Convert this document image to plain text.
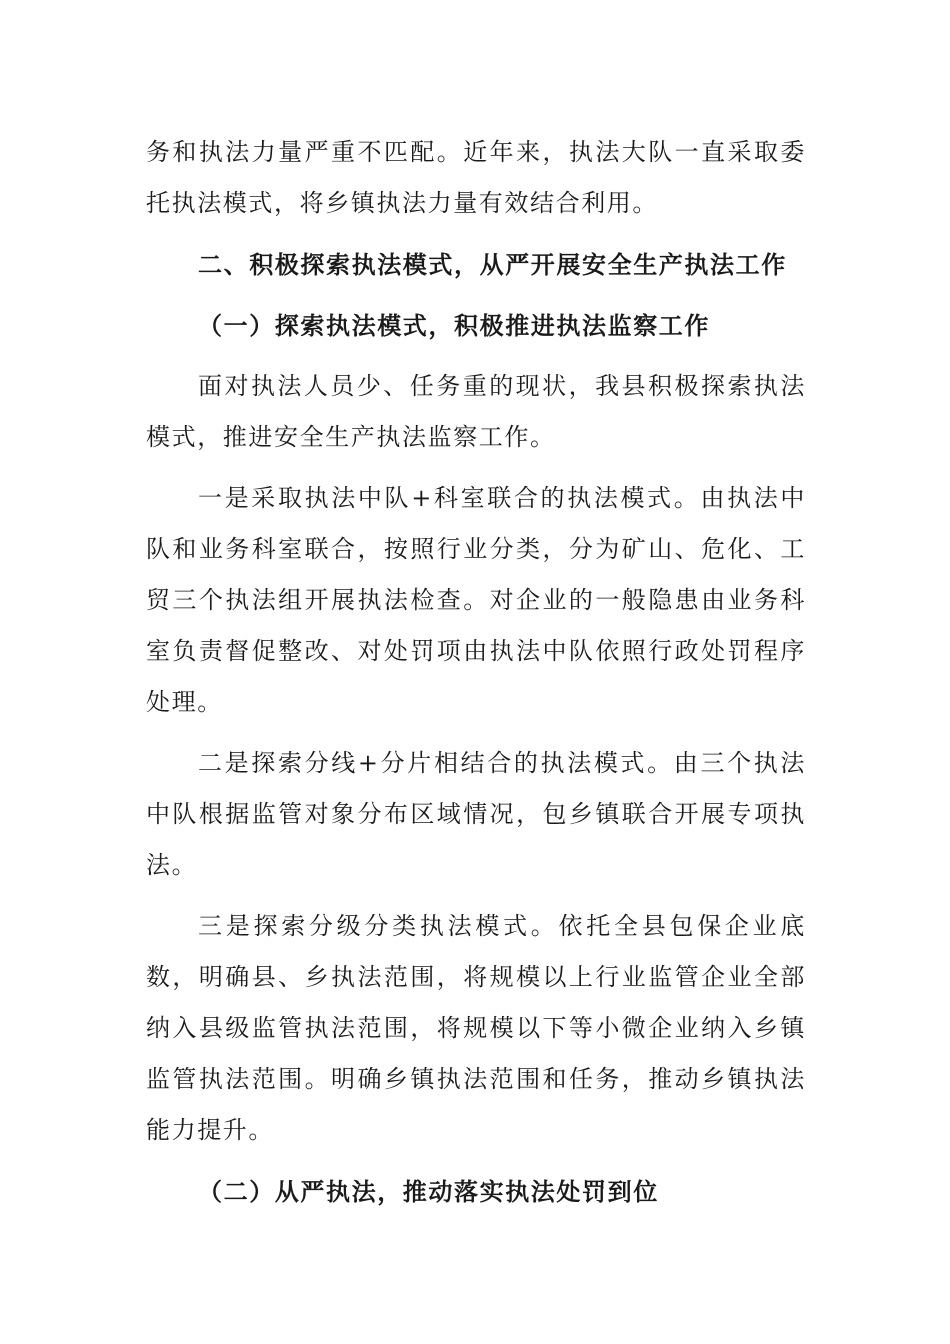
务和执法力量严重不匹配。近年来，执法大队一直采取委托执法模式，将乡镇执法力量有效结合利用。

二、积极探索执法模式，从严开展安全生产执法工作

（一）探索执法模式，积极推进执法监察工作

面对执法人员少、任务重的现状，我县积极探索执法模式，推进安全生产执法监察工作。

一是采取执法中队+科室联合的执法模式。由执法中队和业务科室联合，按照行业分类，分为矿山、危化、工贸三个执法组开展执法检查。对企业的一般隐患由业务科室负责督促整改、对处罚项由执法中队依照行政处罚程序处理。

二是探索分线+分片相结合的执法模式。由三个执法中队根据监管对象分布区域情况，包乡镇联合开展专项执法。

三是探索分级分类执法模式。依托全县包保企业底数，明确县、乡执法范围，将规模以上行业监管企业全部纳入县级监管执法范围，将规模以下等小微企业纳入乡镇监管执法范围。明确乡镇执法范围和任务，推动乡镇执法能力提升。

（二）从严执法，推动落实执法处罚到位
